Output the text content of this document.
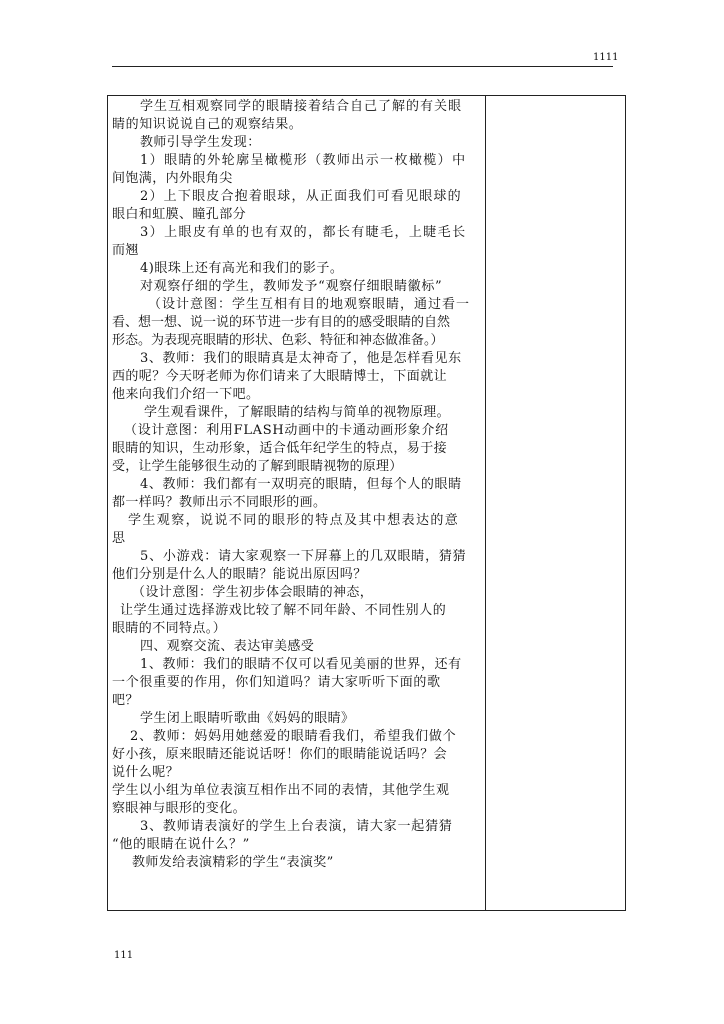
1111
学生互相观察同学的眼睛接着结合自己了解的有关眼
睛的知识说说自己的观察结果。
教师引导学生发现：
1）眼睛的外轮廓呈橄榄形（教师出示一枚橄榄）中
间饱满，内外眼角尖
2）上下眼皮合抱着眼球，从正面我们可看见眼球的
眼白和虹膜、瞳孔部分
3）上眼皮有单的也有双的，都长有睫毛，上睫毛长
而翘
4)眼珠上还有高光和我们的影子。
对观察仔细的学生，教师发予“观察仔细眼睛徽标”
（设计意图：学生互相有目的地观察眼睛，通过看一
看、想一想、说一说的环节进一步有目的的感受眼睛的自然
形态。为表现亮眼睛的形状、色彩、特征和神态做准备。）
3、教师：我们的眼睛真是太神奇了，他是怎样看见东
西的呢？今天呀老师为你们请来了大眼睛博士，下面就让
他来向我们介绍一下吧。
学生观看课件，了解眼睛的结构与简单的视物原理。
（设计意图：利用FLASH动画中的卡通动画形象介绍
眼睛的知识，生动形象，适合低年纪学生的特点，易于接
受，让学生能够很生动的了解到眼睛视物的原理）
4、教师：我们都有一双明亮的眼睛，但每个人的眼睛
都一样吗？教师出示不同眼形的画。
学生观察，说说不同的眼形的特点及其中想表达的意
思
5、小游戏：请大家观察一下屏幕上的几双眼睛，猜猜
他们分别是什么人的眼睛？能说出原因吗？
（设计意图：学生初步体会眼睛的神态，
让学生通过选择游戏比较了解不同年龄、不同性别人的
眼睛的不同特点。）
四、观察交流、表达审美感受
1、教师：我们的眼睛不仅可以看见美丽的世界，还有
一个很重要的作用，你们知道吗？请大家听听下面的歌
吧？
学生闭上眼睛听歌曲《妈妈的眼睛》
2、教师：妈妈用她慈爱的眼睛看我们，希望我们做个
好小孩，原来眼睛还能说话呀！你们的眼睛能说话吗？会
说什么呢？
学生以小组为单位表演互相作出不同的表情，其他学生观
察眼神与眼形的变化。
3、教师请表演好的学生上台表演，请大家一起猜猜
“他的眼睛在说什么？”
教师发给表演精彩的学生“表演奖”
111
